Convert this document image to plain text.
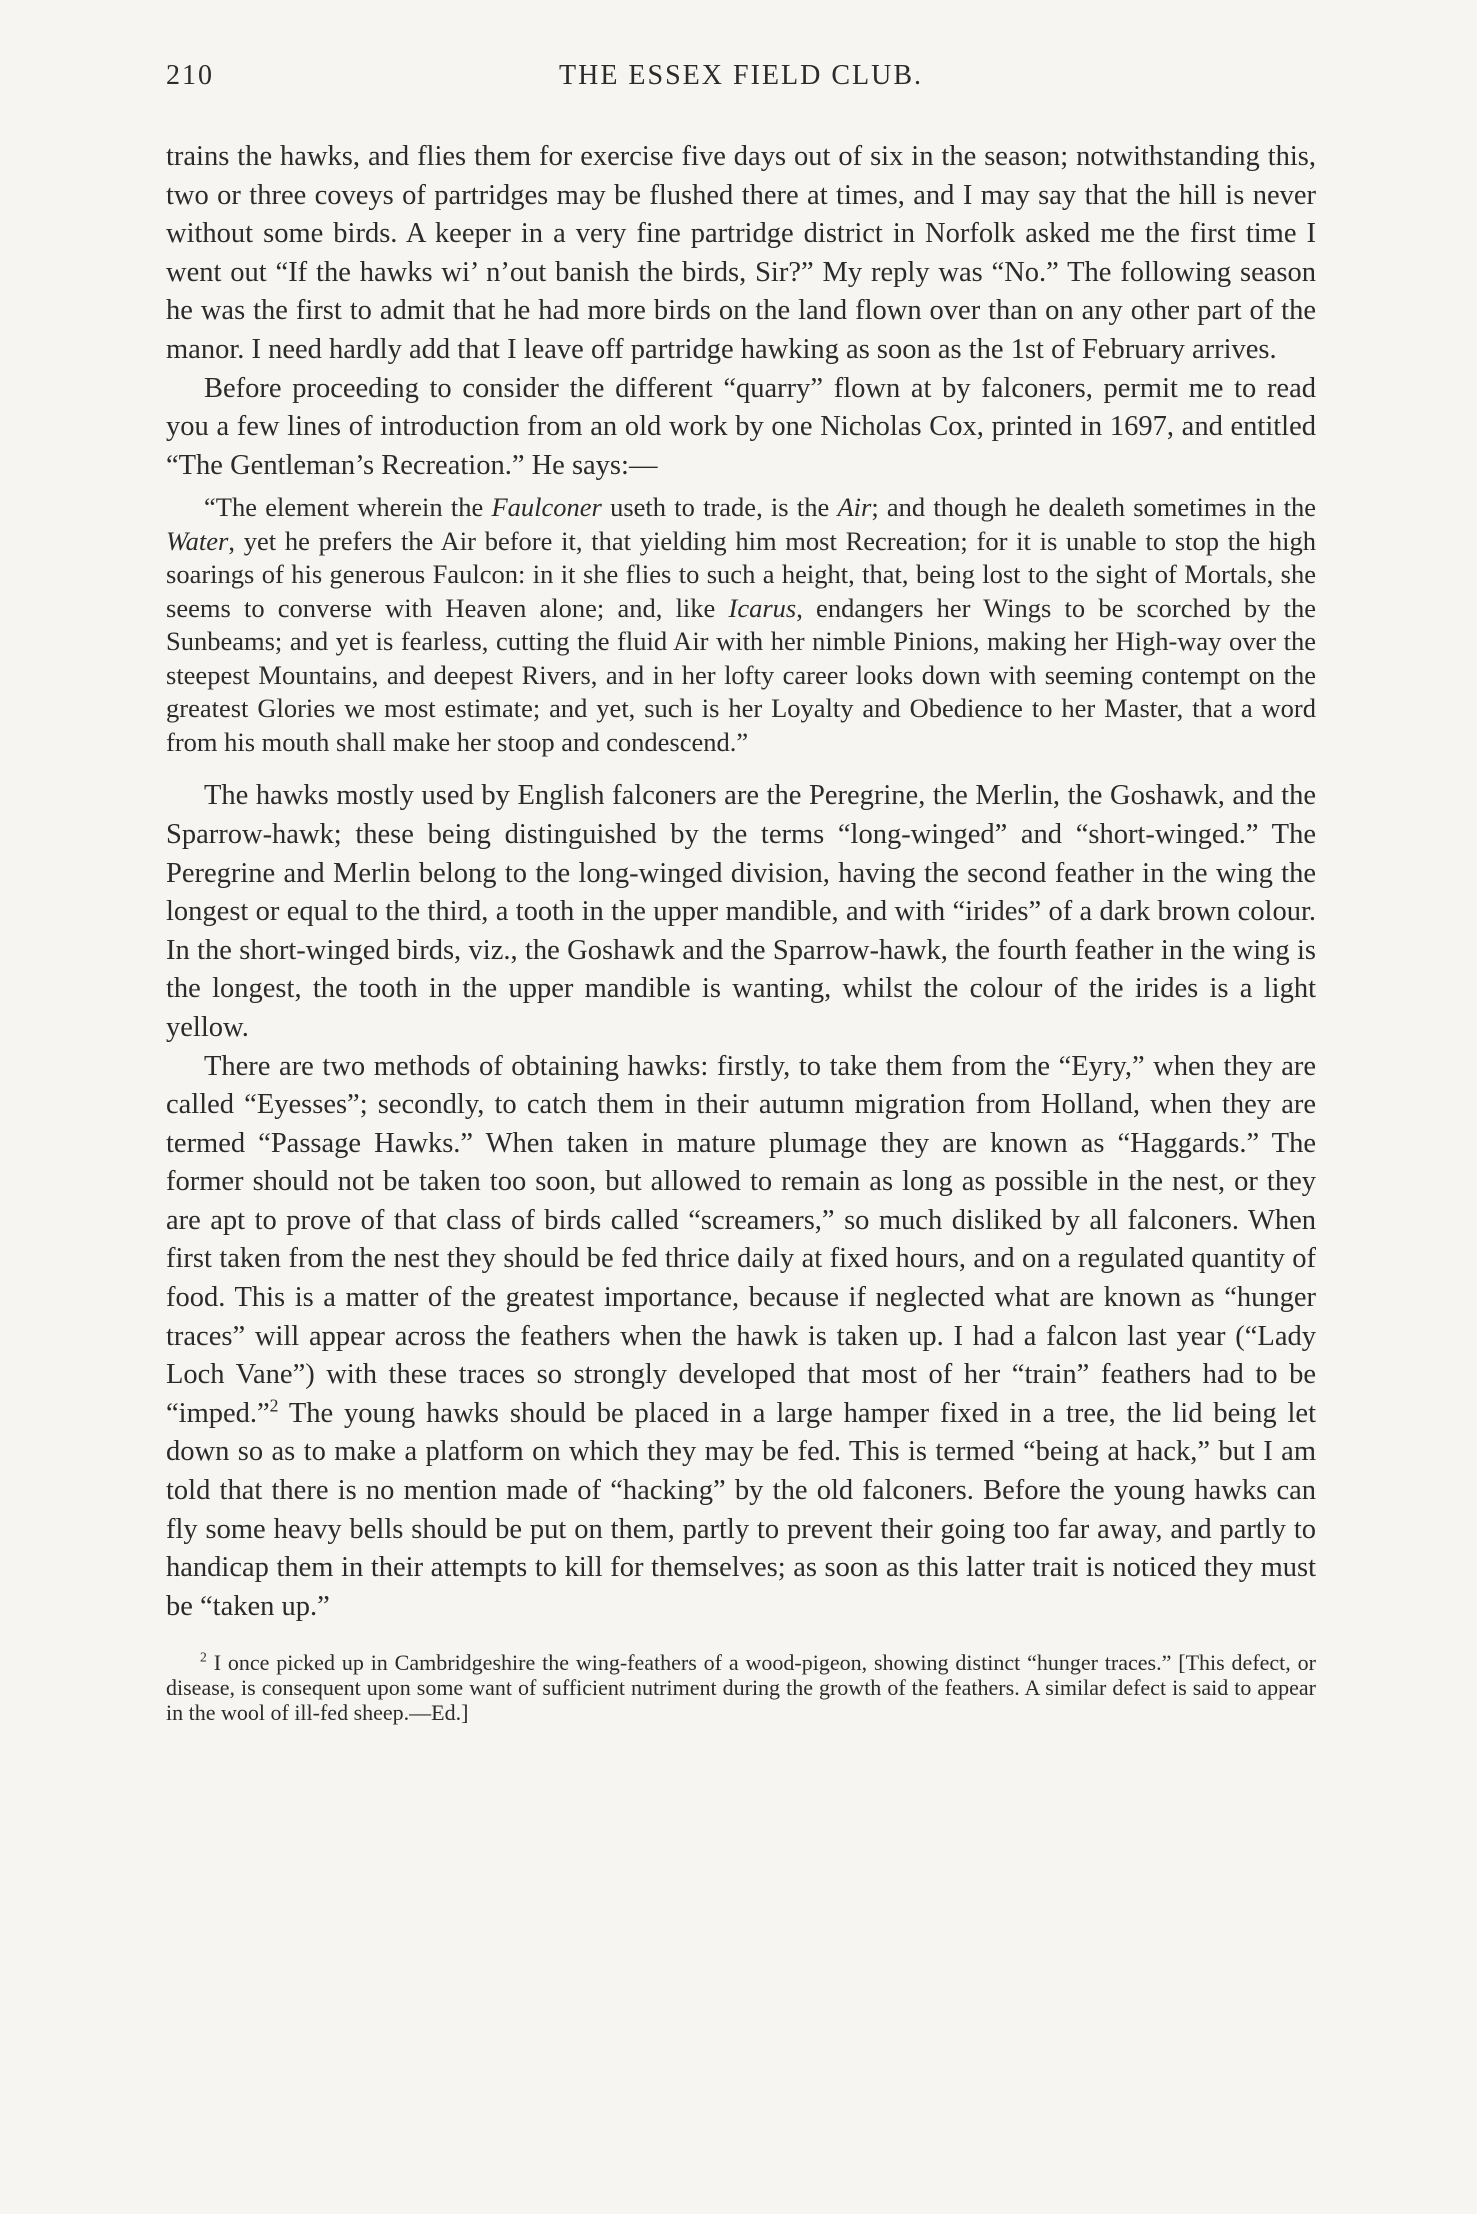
210	THE ESSEX FIELD CLUB.

trains the hawks, and flies them for exercise five days out of six in the season; notwithstanding this, two or three coveys of partridges may be flushed there at times, and I may say that the hill is never without some birds. A keeper in a very fine partridge district in Norfolk asked me the first time I went out “If the hawks wi’ n’out banish the birds, Sir?” My reply was “No.” The following season he was the first to admit that he had more birds on the land flown over than on any other part of the manor. I need hardly add that I leave off partridge hawking as soon as the 1st of February arrives.

Before proceeding to consider the different “quarry” flown at by falconers, permit me to read you a few lines of introduction from an old work by one Nicholas Cox, printed in 1697, and entitled “The Gentleman’s Recreation.” He says:—

“The element wherein the Faulconer useth to trade, is the Air; and though he dealeth sometimes in the Water, yet he prefers the Air before it, that yielding him most Recreation; for it is unable to stop the high soarings of his generous Faulcon: in it she flies to such a height, that, being lost to the sight of Mortals, she seems to converse with Heaven alone; and, like Icarus, endangers her Wings to be scorched by the Sunbeams; and yet is fearless, cutting the fluid Air with her nimble Pinions, making her High-way over the steepest Mountains, and deepest Rivers, and in her lofty career looks down with seeming contempt on the greatest Glories we most estimate; and yet, such is her Loyalty and Obedience to her Master, that a word from his mouth shall make her stoop and condescend.”

The hawks mostly used by English falconers are the Peregrine, the Merlin, the Goshawk, and the Sparrow-hawk; these being distinguished by the terms “long-winged” and “short-winged.” The Peregrine and Merlin belong to the long-winged division, having the second feather in the wing the longest or equal to the third, a tooth in the upper mandible, and with “irides” of a dark brown colour. In the short-winged birds, viz., the Goshawk and the Sparrow-hawk, the fourth feather in the wing is the longest, the tooth in the upper mandible is wanting, whilst the colour of the irides is a light yellow.

There are two methods of obtaining hawks: firstly, to take them from the “Eyry,” when they are called “Eyesses”; secondly, to catch them in their autumn migration from Holland, when they are termed “Passage Hawks.” When taken in mature plumage they are known as “Haggards.” The former should not be taken too soon, but allowed to remain as long as possible in the nest, or they are apt to prove of that class of birds called “screamers,” so much disliked by all falconers. When first taken from the nest they should be fed thrice daily at fixed hours, and on a regulated quantity of food. This is a matter of the greatest importance, because if neglected what are known as “hunger traces” will appear across the feathers when the hawk is taken up. I had a falcon last year (“Lady Loch Vane”) with these traces so strongly developed that most of her “train” feathers had to be “imped.”$^2$ The young hawks should be placed in a large hamper fixed in a tree, the lid being let down so as to make a platform on which they may be fed. This is termed “being at hack,” but I am told that there is no mention made of “hacking” by the old falconers. Before the young hawks can fly some heavy bells should be put on them, partly to prevent their going too far away, and partly to handicap them in their attempts to kill for themselves; as soon as this latter trait is noticed they must be “taken up.”

$^2$ I once picked up in Cambridgeshire the wing-feathers of a wood-pigeon, showing distinct “hunger traces.” [This defect, or disease, is consequent upon some want of sufficient nutriment during the growth of the feathers. A similar defect is said to appear in the wool of ill-fed sheep.—Ed.]
